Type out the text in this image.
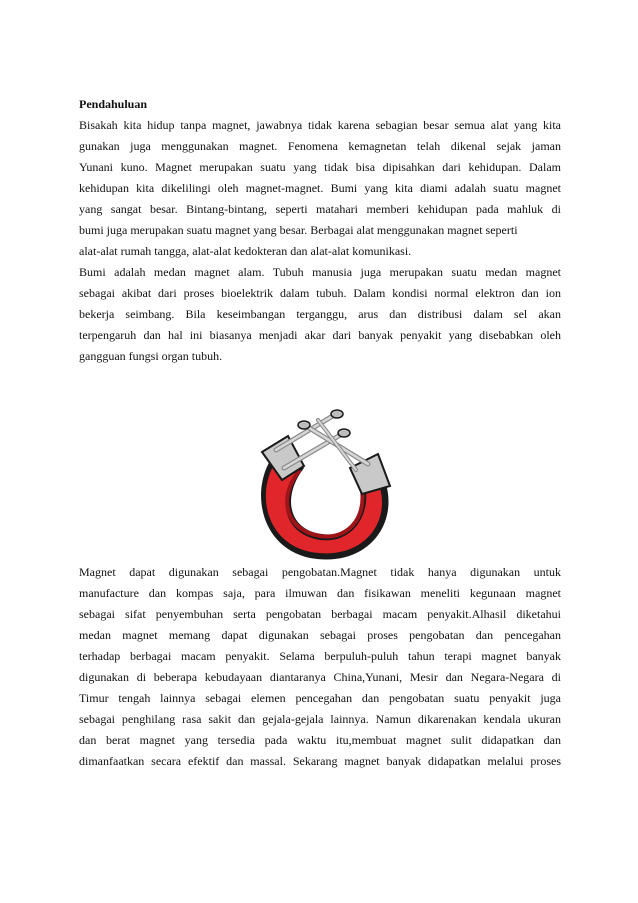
Pendahuluan
Bisakah kita hidup tanpa magnet, jawabnya tidak karena sebagian besar semua alat yang kita
gunakan juga menggunakan magnet. Fenomena kemagnetan telah dikenal sejak jaman
Yunani kuno. Magnet merupakan suatu yang tidak bisa dipisahkan dari kehidupan. Dalam
kehidupan kita dikelilingi oleh magnet-magnet. Bumi yang kita diami adalah suatu magnet
yang sangat besar. Bintang-bintang, seperti matahari memberi kehidupan pada mahluk di
bumi juga merupakan suatu magnet yang besar. Berbagai alat menggunakan magnet seperti
alat-alat rumah tangga, alat-alat kedokteran dan alat-alat komunikasi.
Bumi adalah medan magnet alam. Tubuh manusia juga merupakan suatu medan magnet
sebagai akibat dari proses bioelektrik dalam tubuh. Dalam kondisi normal elektron dan ion
bekerja seimbang. Bila keseimbangan terganggu, arus dan distribusi dalam sel akan
terpengaruh dan hal ini biasanya menjadi akar dari banyak penyakit yang disebabkan oleh
gangguan fungsi organ tubuh.
Magnet dapat digunakan sebagai pengobatan.Magnet tidak hanya digunakan untuk
manufacture dan kompas saja, para ilmuwan dan fisikawan meneliti kegunaan magnet
sebagai sifat penyembuhan serta pengobatan berbagai macam penyakit.Alhasil diketahui
medan magnet memang dapat digunakan sebagai proses pengobatan dan pencegahan
terhadap berbagai macam penyakit. Selama berpuluh-puluh tahun terapi magnet banyak
digunakan di beberapa kebudayaan diantaranya China,Yunani, Mesir dan Negara-Negara di
Timur tengah lainnya sebagai elemen pencegahan dan pengobatan suatu penyakit juga
sebagai penghilang rasa sakit dan gejala-gejala lainnya. Namun dikarenakan kendala ukuran
dan berat magnet yang tersedia pada waktu itu,membuat magnet sulit didapatkan dan
dimanfaatkan secara efektif dan massal. Sekarang magnet banyak didapatkan melalui proses
